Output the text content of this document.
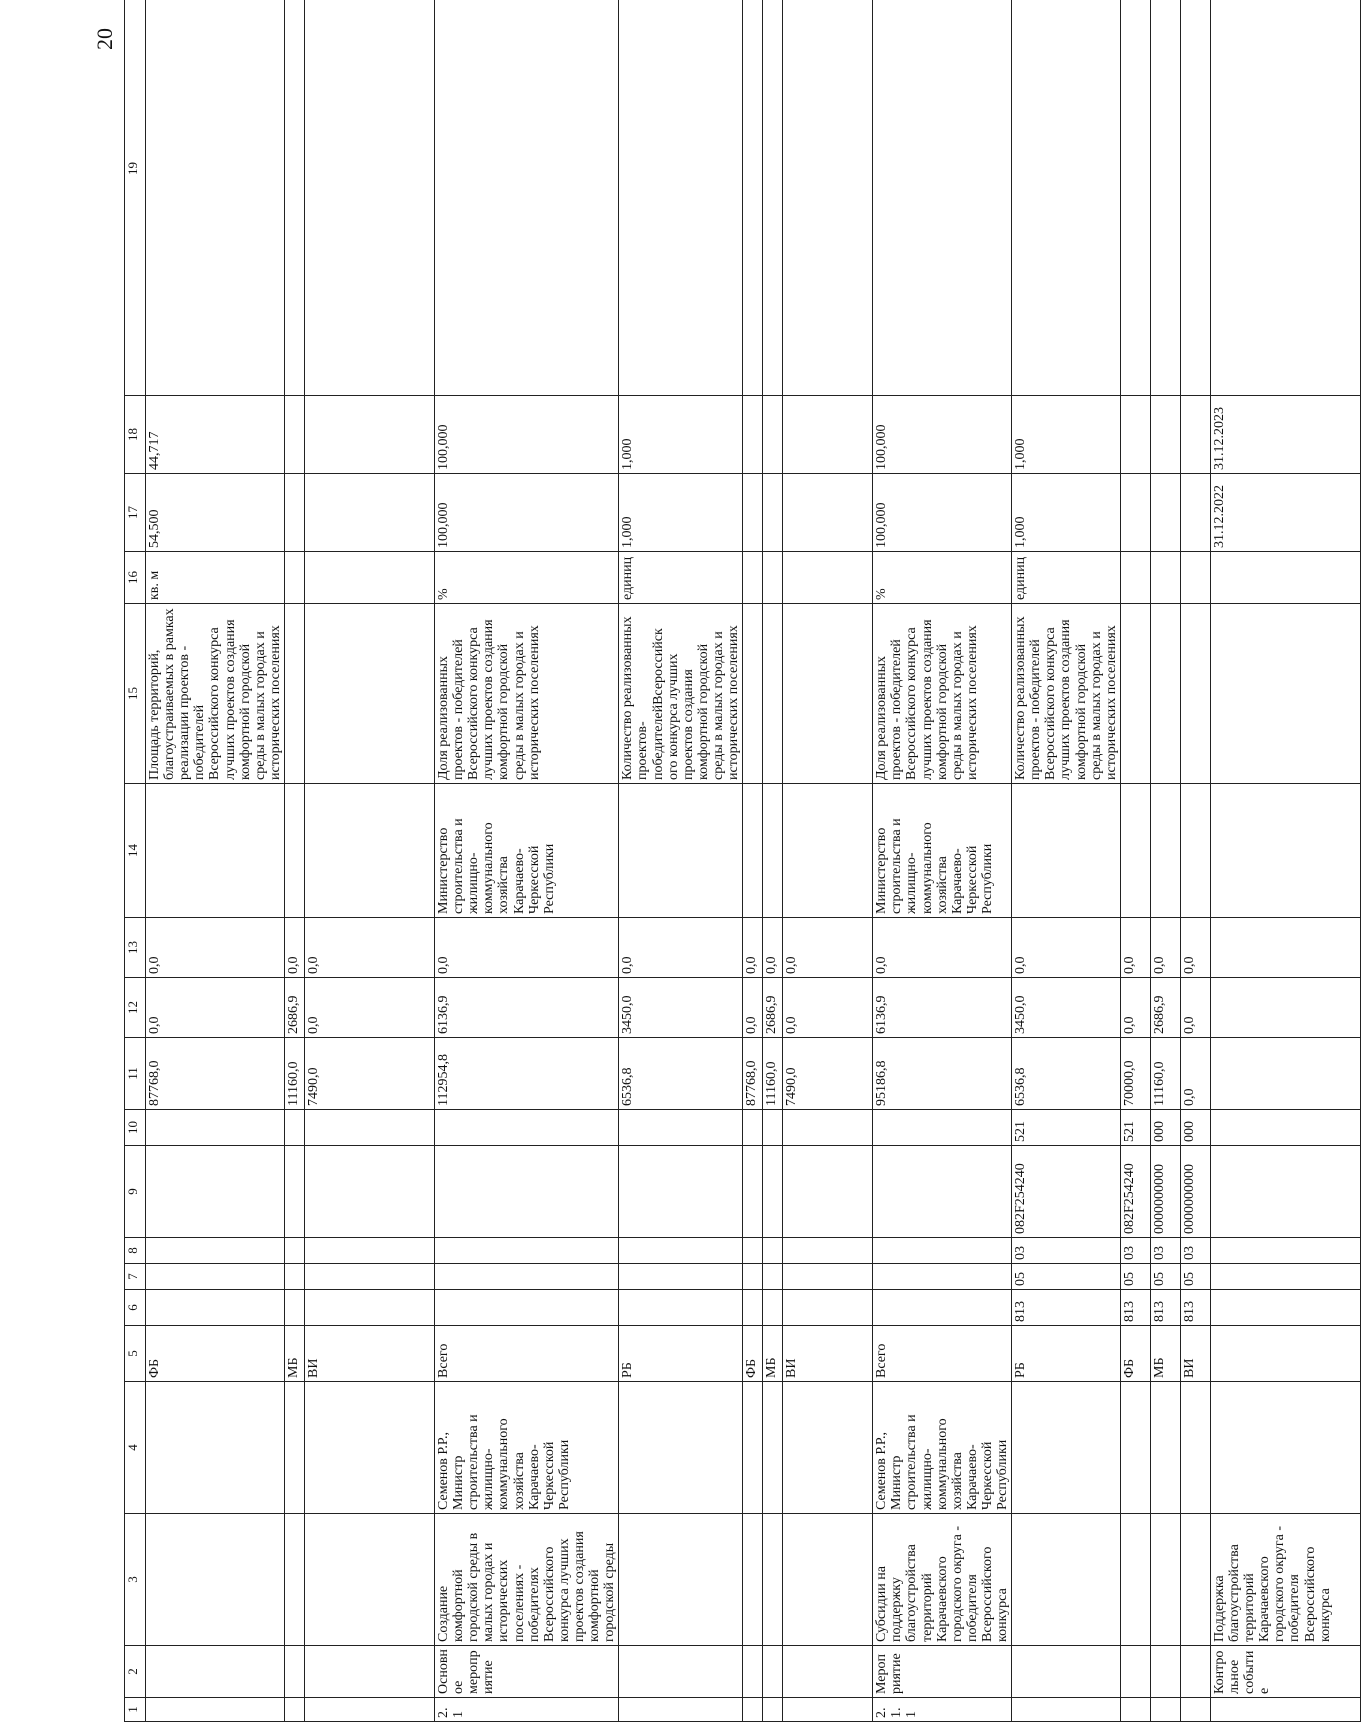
20
1	2	3	4	5	6	7	8	9	10	11	12	13	14	15	16	17	18	19
				ФБ						87768,0	0,0	0,0		Площадь территорий, благоустраиваемых в рамках реализации проектов - победителей Всероссийского конкурса лучших проектов создания комфортной городской среды в малых городах и исторических поселениях	кв. м	54,500	44,717	
				МБ						11160,0	2686,9	0,0						
				ВИ						7490,0	0,0	0,0						
2.1	Основное мероприятие	Создание комфортной городской среды в малых городах и исторических поселениях - победителях Всероссийского конкурса лучших проектов создания комфортной городской среды	Семенов Р.Р., Министр строительства и жилищно-коммунального хозяйства Карачаево-Черкесской Республики	Всего						112954,8	6136,9	0,0	Министерство строительства и жилищно-коммунального хозяйства Карачаево-Черкесской Республики	Доля реализованных проектов - победителей Всероссийского конкурса лучших проектов создания комфортной городской среды в малых городах и исторических поселениях	%	100,000	100,000	
				РБ						6536,8	3450,0	0,0		Количество реализованных проектов- победителейВсероссийск ого конкурса лучших проектов создания комфортной городской среды в малых городах и исторических поселениях	единиц	1,000	1,000	
				ФБ						87768,0	0,0	0,0						
				МБ						11160,0	2686,9	0,0						
				ВИ						7490,0	0,0	0,0						
2.1.1	Мероприятие	Субсидии на поддержку благоустройства территорий Карачаевского городского округа - победителя Всероссийского конкурса	Семенов Р.Р., Министр строительства и жилищно-коммунального хозяйства Карачаево-Черкесской Республики	Всего						95186,8	6136,9	0,0	Министерство строительства и жилищно-коммунального хозяйства Карачаево-Черкесской Республики	Доля реализованных проектов - победителей Всероссийского конкурса лучших проектов создания комфортной городской среды в малых городах и исторических поселениях	%	100,000	100,000	
				РБ	813	05	03	082F254240	521	6536,8	3450,0	0,0		Количество реализованных проектов - победителей Всероссийского конкурса лучших проектов создания комфортной городской среды в малых городах и исторических поселениях	единиц	1,000	1,000	
				ФБ	813	05	03	082F254240	521	70000,0	0,0	0,0						
				МБ	813	05	03	0000000000	000	11160,0	2686,9	0,0						
				ВИ	813	05	03	0000000000	000	0,0	0,0	0,0						
	Контрольное событие	Поддержка благоустройства территорий Карачаевского городского округа - победителя Всероссийского конкурса														31.12.2022	31.12.2023	
